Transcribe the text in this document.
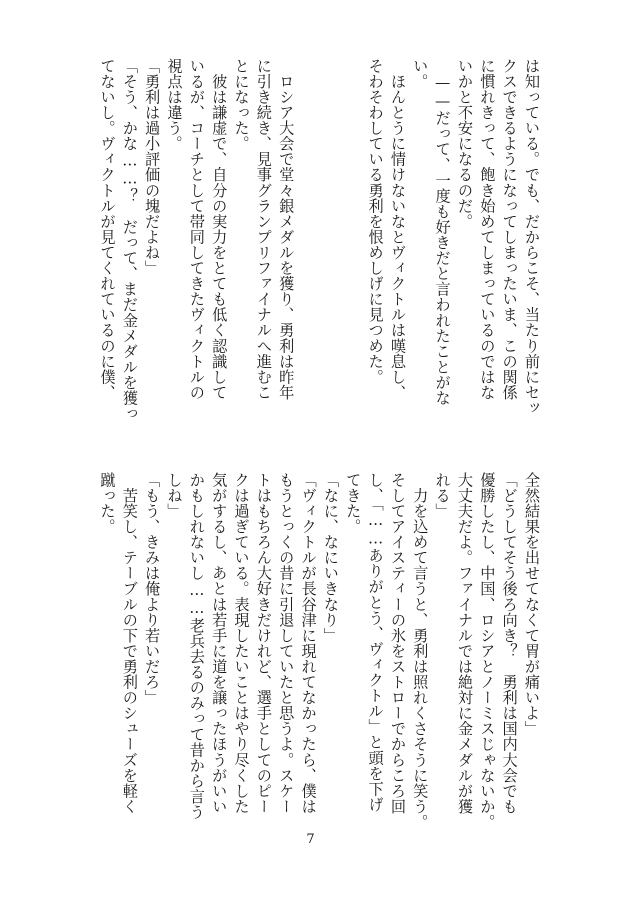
は知っている。でも、だからこそ、当たり前にセッ
クスできるようになってしまったいま、この関係
に慣れきって、飽き始めてしまっているのではな
いかと不安になるのだ。
　——だって、一度も好きだと言われたことがな
い。
　ほんとうに情けないなとヴィクトルは嘆息し、
そわそわしている勇利を恨めしげに見つめた。
　ロシア大会で堂々銀メダルを獲り、勇利は昨年
に引き続き、見事グランプリファイナルへ進むこ
とになった。
　彼は謙虚で、自分の実力をとても低く認識して
いるが、コーチとして帯同してきたヴィクトルの
視点は違う。
「勇利は過小評価の塊だよね」
「そう、かな……？　だって、まだ金メダルを獲っ
てないし。ヴィクトルが見てくれているのに僕、
全然結果を出せてなくて胃が痛いよ」
「どうしてそう後ろ向き？　勇利は国内大会でも
優勝したし、中国、ロシアとノーミスじゃないか。
大丈夫だよ。ファイナルでは絶対に金メダルが獲
れる」
　力を込めて言うと、勇利は照れくさそうに笑う。
そしてアイスティーの氷をストローでからころ回
し、「……ありがとう、ヴィクトル」と頭を下げ
てきた。
「なに、なにいきなり」
「ヴィクトルが長谷津に現れてなかったら、僕は
もうとっくの昔に引退していたと思うよ。スケー
トはもちろん大好きだけれど、選手としてのピー
クは過ぎている。表現したいことはやり尽くした
気がするし、あとは若手に道を譲ったほうがいい
かもしれないし……老兵去るのみって昔から言う
しね」
「もう、きみは俺より若いだろ」
　苦笑し、テーブルの下で勇利のシューズを軽く
蹴った。
7
